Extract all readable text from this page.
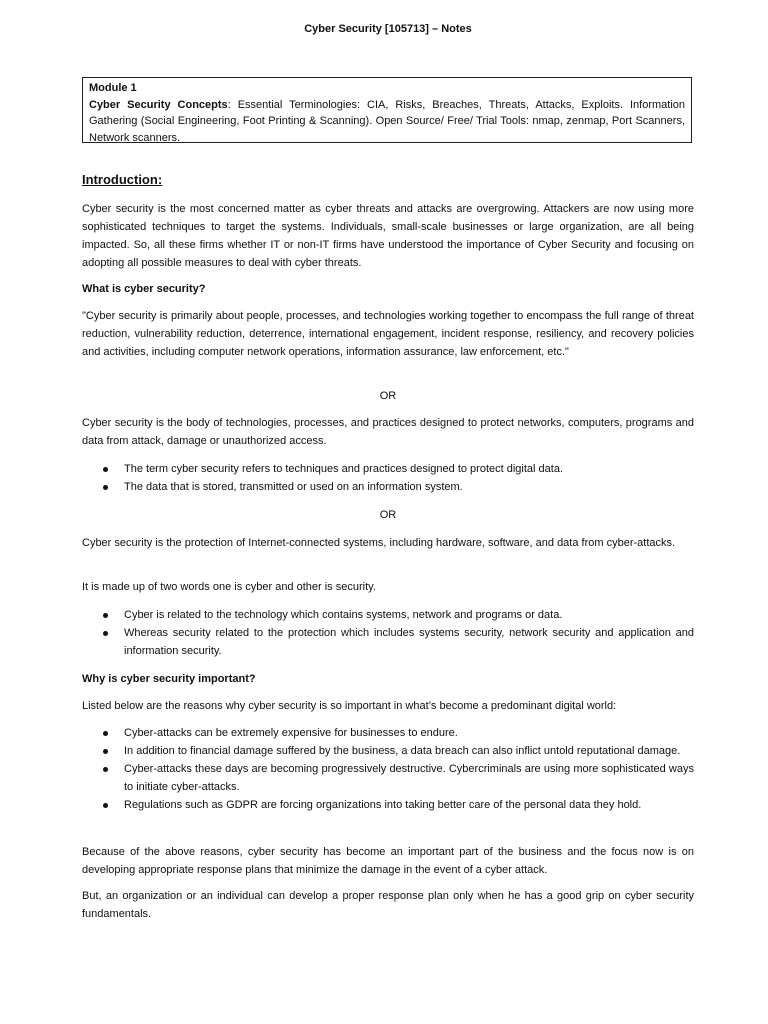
Cyber Security [105713] – Notes
Module 1
Cyber Security Concepts: Essential Terminologies: CIA, Risks, Breaches, Threats, Attacks, Exploits. Information Gathering (Social Engineering, Foot Printing & Scanning). Open Source/ Free/ Trial Tools: nmap, zenmap, Port Scanners, Network scanners.
Introduction:
Cyber security is the most concerned matter as cyber threats and attacks are overgrowing. Attackers are now using more sophisticated techniques to target the systems. Individuals, small-scale businesses or large organization, are all being impacted. So, all these firms whether IT or non-IT firms have understood the importance of Cyber Security and focusing on adopting all possible measures to deal with cyber threats.
What is cyber security?
"Cyber security is primarily about people, processes, and technologies working together to encompass the full range of threat reduction, vulnerability reduction, deterrence, international engagement, incident response, resiliency, and recovery policies and activities, including computer network operations, information assurance, law enforcement, etc."
OR
Cyber security is the body of technologies, processes, and practices designed to protect networks, computers, programs and data from attack, damage or unauthorized access.
The term cyber security refers to techniques and practices designed to protect digital data.
The data that is stored, transmitted or used on an information system.
OR
Cyber security is the protection of Internet-connected systems, including hardware, software, and data from cyber-attacks.
It is made up of two words one is cyber and other is security.
Cyber is related to the technology which contains systems, network and programs or data.
Whereas security related to the protection which includes systems security, network security and application and information security.
Why is cyber security important?
Listed below are the reasons why cyber security is so important in what’s become a predominant digital world:
Cyber-attacks can be extremely expensive for businesses to endure.
In addition to financial damage suffered by the business, a data breach can also inflict untold reputational damage.
Cyber-attacks these days are becoming progressively destructive. Cybercriminals are using more sophisticated ways to initiate cyber-attacks.
Regulations such as GDPR are forcing organizations into taking better care of the personal data they hold.
Because of the above reasons, cyber security has become an important part of the business and the focus now is on developing appropriate response plans that minimize the damage in the event of a cyber attack.
But, an organization or an individual can develop a proper response plan only when he has a good grip on cyber security fundamentals.
